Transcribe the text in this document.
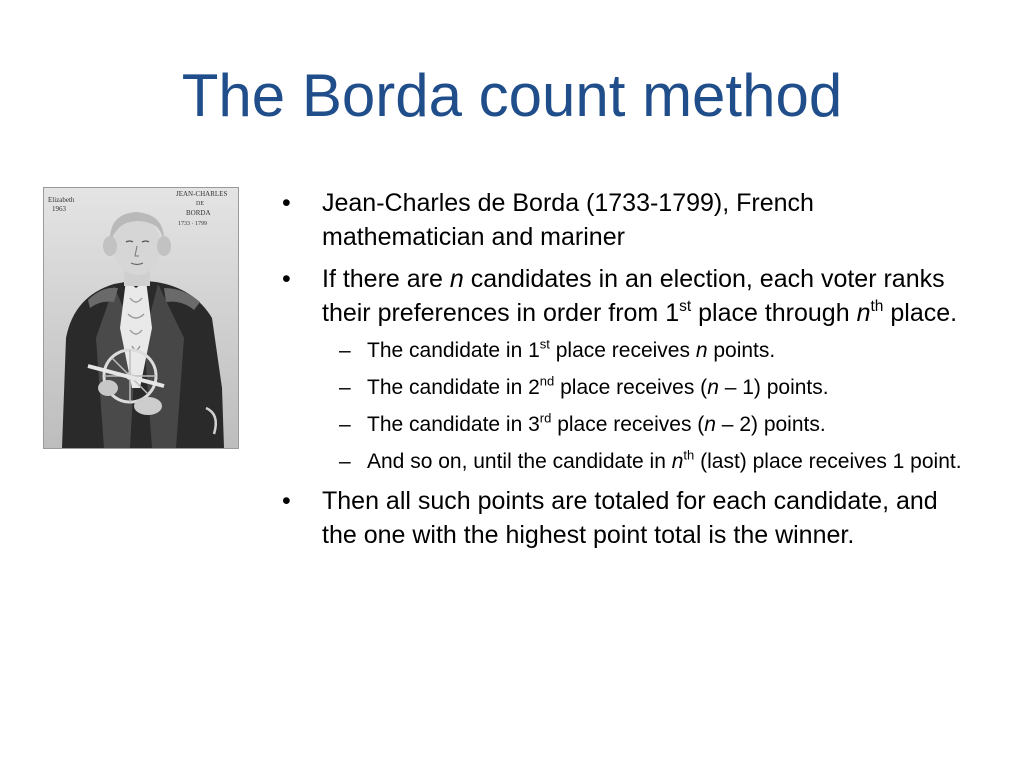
The Borda count method
Elizabeth
1963
JEAN-CHARLES
DE
BORDA
1733 · 1799
• Jean-Charles de Borda (1733-1799), French mathematician and mariner
• If there are n candidates in an election, each voter ranks their preferences in order from 1st place through $n^{th}$ place.
– The candidate in 1st place receives n points.
– The candidate in 2nd place receives (n – 1) points.
– The candidate in 3rd place receives (n – 2) points.
– And so on, until the candidate in $n^{th}$ (last) place receives 1 point.
• Then all such points are totaled for each candidate, and the one with the highest point total is the winner.
